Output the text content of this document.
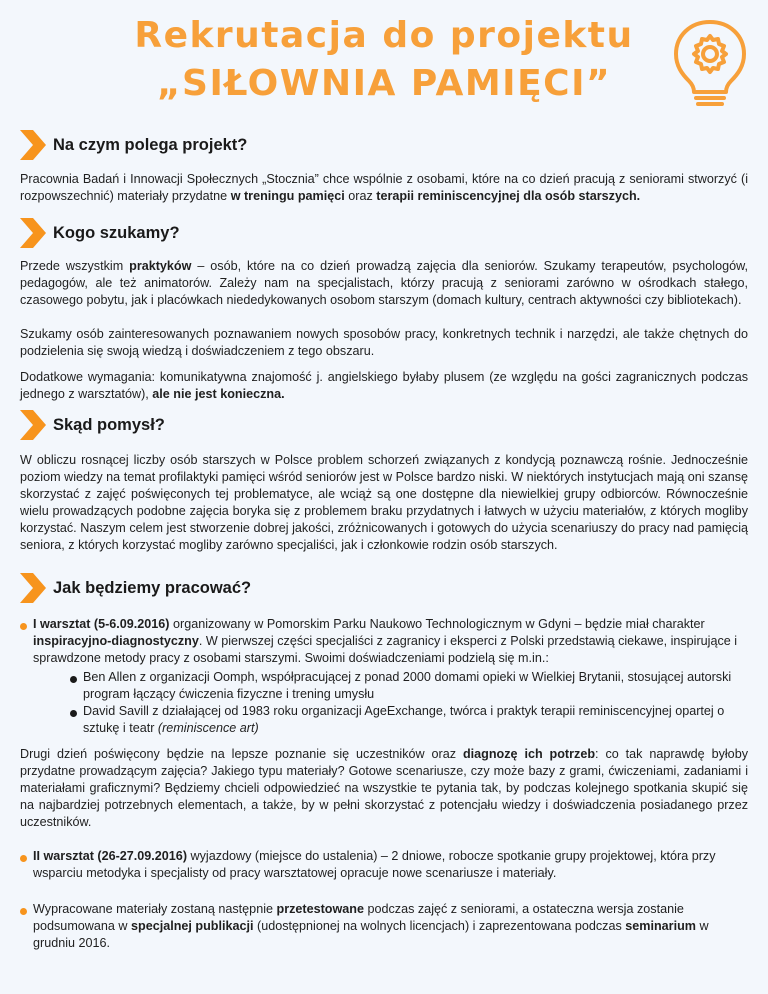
Rekrutacja do projektu
„SIŁOWNIA PAMIĘCI”
Na czym polega projekt?

Pracownia Badań i Innowacji Społecznych „Stocznia” chce wspólnie z osobami, które na co dzień pracują z seniorami stworzyć (i rozpowszechnić) materiały przydatne w treningu pamięci oraz terapii reminiscencyjnej dla osób starszych.

Kogo szukamy?

Przede wszystkim praktyków – osób, które na co dzień prowadzą zajęcia dla seniorów. Szukamy terapeutów, psychologów, pedagogów, ale też animatorów. Zależy nam na specjalistach, którzy pracują z seniorami zarówno w ośrodkach stałego, czasowego pobytu, jak i placówkach niededykowanych osobom starszym (domach kultury, centrach aktywności czy bibliotekach).

Szukamy osób zainteresowanych poznawaniem nowych sposobów pracy, konkretnych technik i narzędzi, ale także chętnych do podzielenia się swoją wiedzą i doświadczeniem z tego obszaru.

Dodatkowe wymagania: komunikatywna znajomość j. angielskiego byłaby plusem (ze względu na gości zagranicznych podczas jednego z warsztatów), ale nie jest konieczna.

Skąd pomysł?

W obliczu rosnącej liczby osób starszych w Polsce problem schorzeń związanych z kondycją poznawczą rośnie. Jednocześnie poziom wiedzy na temat profilaktyki pamięci wśród seniorów jest w Polsce bardzo niski. W niektórych instytucjach mają oni szansę skorzystać z zajęć poświęconych tej problematyce, ale wciąż są one dostępne dla niewielkiej grupy odbiorców. Równocześnie wielu prowadzących podobne zajęcia boryka się z problemem braku przydatnych i łatwych w użyciu materiałów, z których mogliby korzystać. Naszym celem jest stworzenie dobrej jakości, zróżnicowanych i gotowych do użycia scenariuszy do pracy nad pamięcią seniora, z których korzystać mogliby zarówno specjaliści, jak i członkowie rodzin osób starszych.

Jak będziemy pracować?

I warsztat (5-6.09.2016) organizowany w Pomorskim Parku Naukowo Technologicznym w Gdyni – będzie miał charakter inspiracyjno-diagnostyczny. W pierwszej części specjaliści z zagranicy i eksperci z Polski przedstawią ciekawe, inspirujące i sprawdzone metody pracy z osobami starszymi. Swoimi doświadczeniami podzielą się m.in.:

Ben Allen z organizacji Oomph, współpracującej z ponad 2000 domami opieki w Wielkiej Brytanii, stosującej autorski program łączący ćwiczenia fizyczne i trening umysłu

David Savill z działającej od 1983 roku organizacji AgeExchange, twórca i praktyk terapii reminiscencyjnej opartej o sztukę i teatr (reminiscence art)

Drugi dzień poświęcony będzie na lepsze poznanie się uczestników oraz diagnozę ich potrzeb: co tak naprawdę byłoby przydatne prowadzącym zajęcia? Jakiego typu materiały? Gotowe scenariusze, czy może bazy z grami, ćwiczeniami, zadaniami i materiałami graficznymi? Będziemy chcieli odpowiedzieć na wszystkie te pytania tak, by podczas kolejnego spotkania skupić się na najbardziej potrzebnych elementach, a także, by w pełni skorzystać z potencjału wiedzy i doświadczenia posiadanego przez uczestników.

II warsztat (26-27.09.2016) wyjazdowy (miejsce do ustalenia) – 2 dniowe, robocze spotkanie grupy projektowej, która przy wsparciu metodyka i specjalisty od pracy warsztatowej opracuje nowe scenariusze i materiały.

Wypracowane materiały zostaną następnie przetestowane podczas zajęć z seniorami, a ostateczna wersja zostanie podsumowana w specjalnej publikacji (udostępnionej na wolnych licencjach) i zaprezentowana podczas seminarium w grudniu 2016.
